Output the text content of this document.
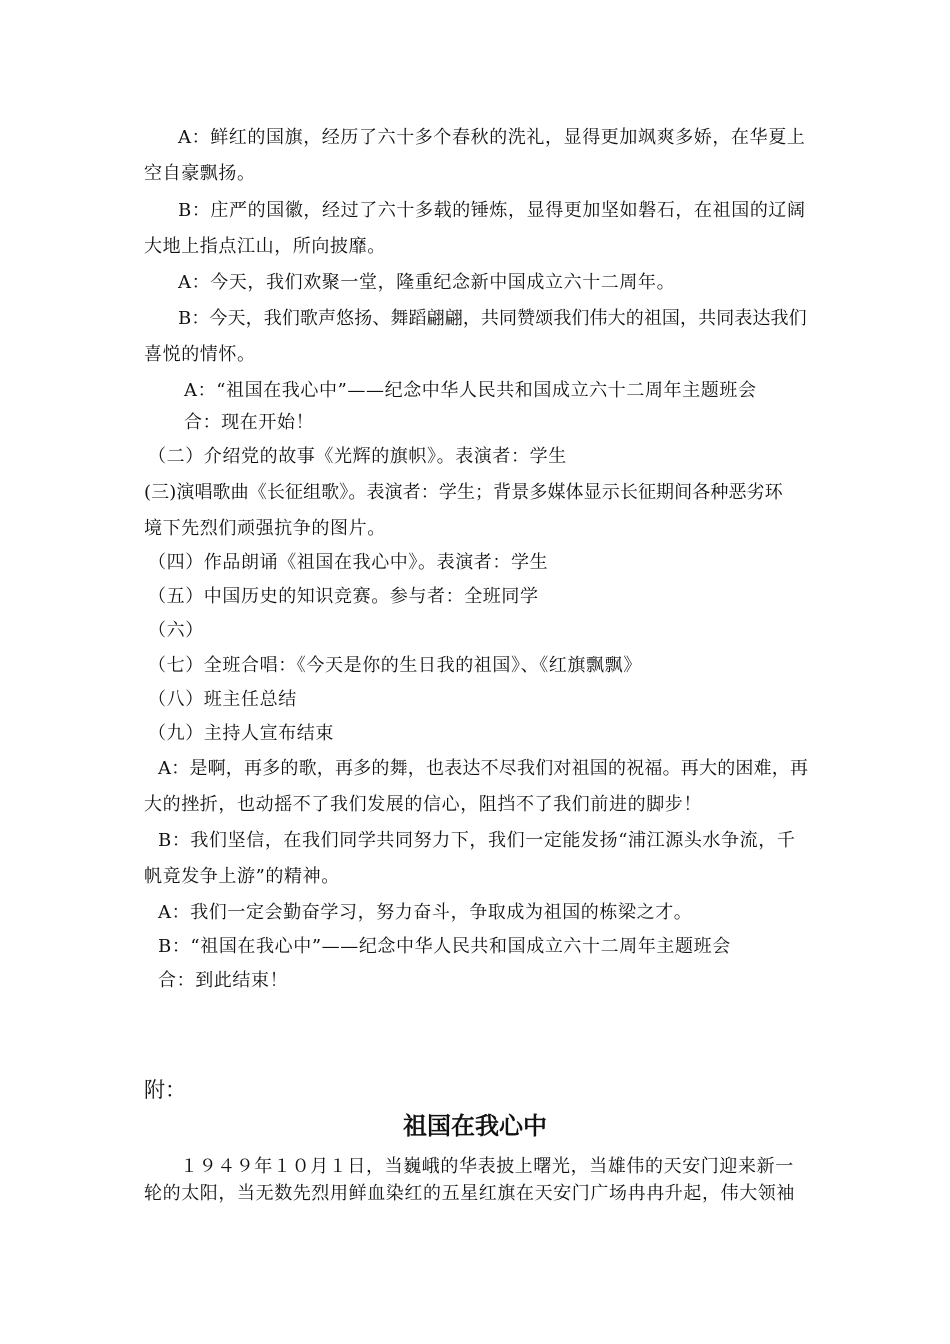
A：鲜红的国旗，经历了六十多个春秋的洗礼，显得更加飒爽多娇，在华夏上
空自豪飘扬。
B：庄严的国徽，经过了六十多载的锤炼，显得更加坚如磐石，在祖国的辽阔
大地上指点江山，所向披靡。
A：今天，我们欢聚一堂，隆重纪念新中国成立六十二周年。
B：今天，我们歌声悠扬、舞蹈翩翩，共同赞颂我们伟大的祖国，共同表达我们
喜悦的情怀。
A：“祖国在我心中”——纪念中华人民共和国成立六十二周年主题班会
合：现在开始！
（二）介绍党的故事《光辉的旗帜》。表演者：学生
(三)演唱歌曲《长征组歌》。表演者：学生；背景多媒体显示长征期间各种恶劣环
境下先烈们顽强抗争的图片。
（四）作品朗诵《祖国在我心中》。表演者：学生
（五）中国历史的知识竞赛。参与者：全班同学
（六）
（七）全班合唱：《今天是你的生日我的祖国》、《红旗飘飘》
（八）班主任总结
（九）主持人宣布结束
A：是啊，再多的歌，再多的舞，也表达不尽我们对祖国的祝福。再大的困难，再
大的挫折，也动摇不了我们发展的信心，阻挡不了我们前进的脚步！
B：我们坚信，在我们同学共同努力下，我们一定能发扬“浦江源头水争流，千
帆竟发争上游”的精神。
A：我们一定会勤奋学习，努力奋斗，争取成为祖国的栋梁之才。
B：“祖国在我心中”——纪念中华人民共和国成立六十二周年主题班会
合：到此结束！
附：
祖国在我心中
１９４９年１０月１日，当巍峨的华表披上曙光，当雄伟的天安门迎来新一
轮的太阳，当无数先烈用鲜血染红的五星红旗在天安门广场冉冉升起，伟大领袖
